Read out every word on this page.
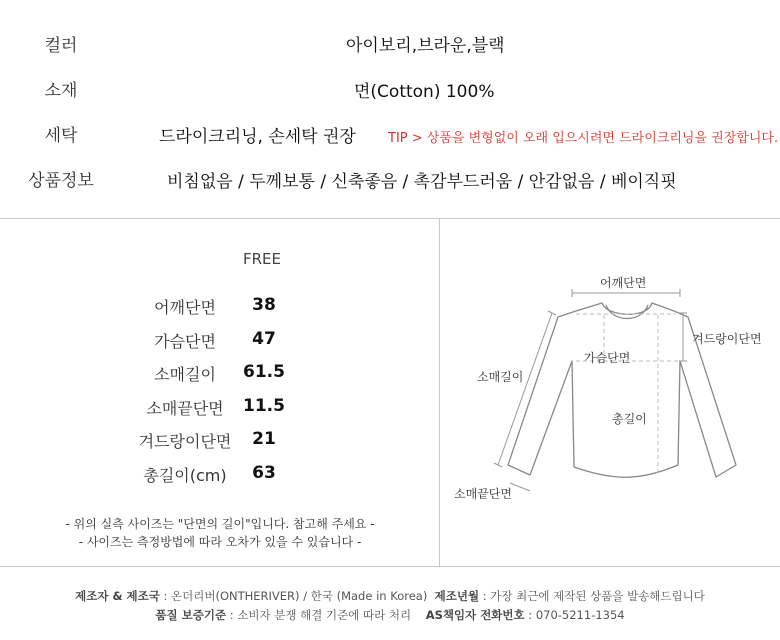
컬러	아이보리,브라운,블랙
소재	면(Cotton) 100%
세탁	드라이크리닝, 손세탁 권장 TIP > 상품을 변형없이 오래 입으시려면 드라이크리닝을 권장합니다.
상품정보	비침없음 / 두께보통 / 신축좋음 / 촉감부드러움 / 안감없음 / 베이직핏
FREE
어깨단면	38
가슴단면	47
소매길이	61.5
소매끝단면	11.5
겨드랑이단면	21
총길이(cm)	63
- 위의 실측 사이즈는 "단면의 길이"입니다. 참고해 주세요 -
- 사이즈는 측정방법에 따라 오차가 있을 수 있습니다 -
어깨단면
겨드랑이단면
가슴단면
소매길이
총길이
소매끝단면
제조자 & 제조국 : 온더리버(ONTHERIVER) / 한국 (Made in Korea) 제조년월 : 가장 최근에 제작된 상품을 발송해드립니다
품질 보증기준 : 소비자 분쟁 해결 기준에 따라 처리 AS책임자 전화번호 : 070-5211-1354
